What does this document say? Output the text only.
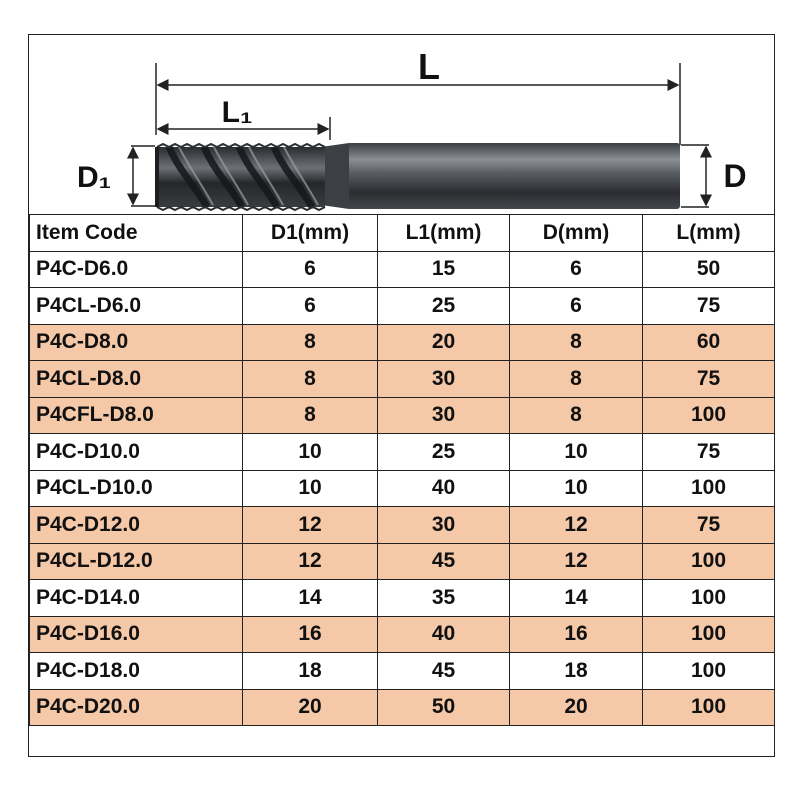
L
L₁
D₁	D
Item Code	D1(mm)	L1(mm)	D(mm)	L(mm)
P4C-D6.0	6	15	6	50
P4CL-D6.0	6	25	6	75
P4C-D8.0	8	20	8	60
P4CL-D8.0	8	30	8	75
P4CFL-D8.0	8	30	8	100
P4C-D10.0	10	25	10	75
P4CL-D10.0	10	40	10	100
P4C-D12.0	12	30	12	75
P4CL-D12.0	12	45	12	100
P4C-D14.0	14	35	14	100
P4C-D16.0	16	40	16	100
P4C-D18.0	18	45	18	100
P4C-D20.0	20	50	20	100
